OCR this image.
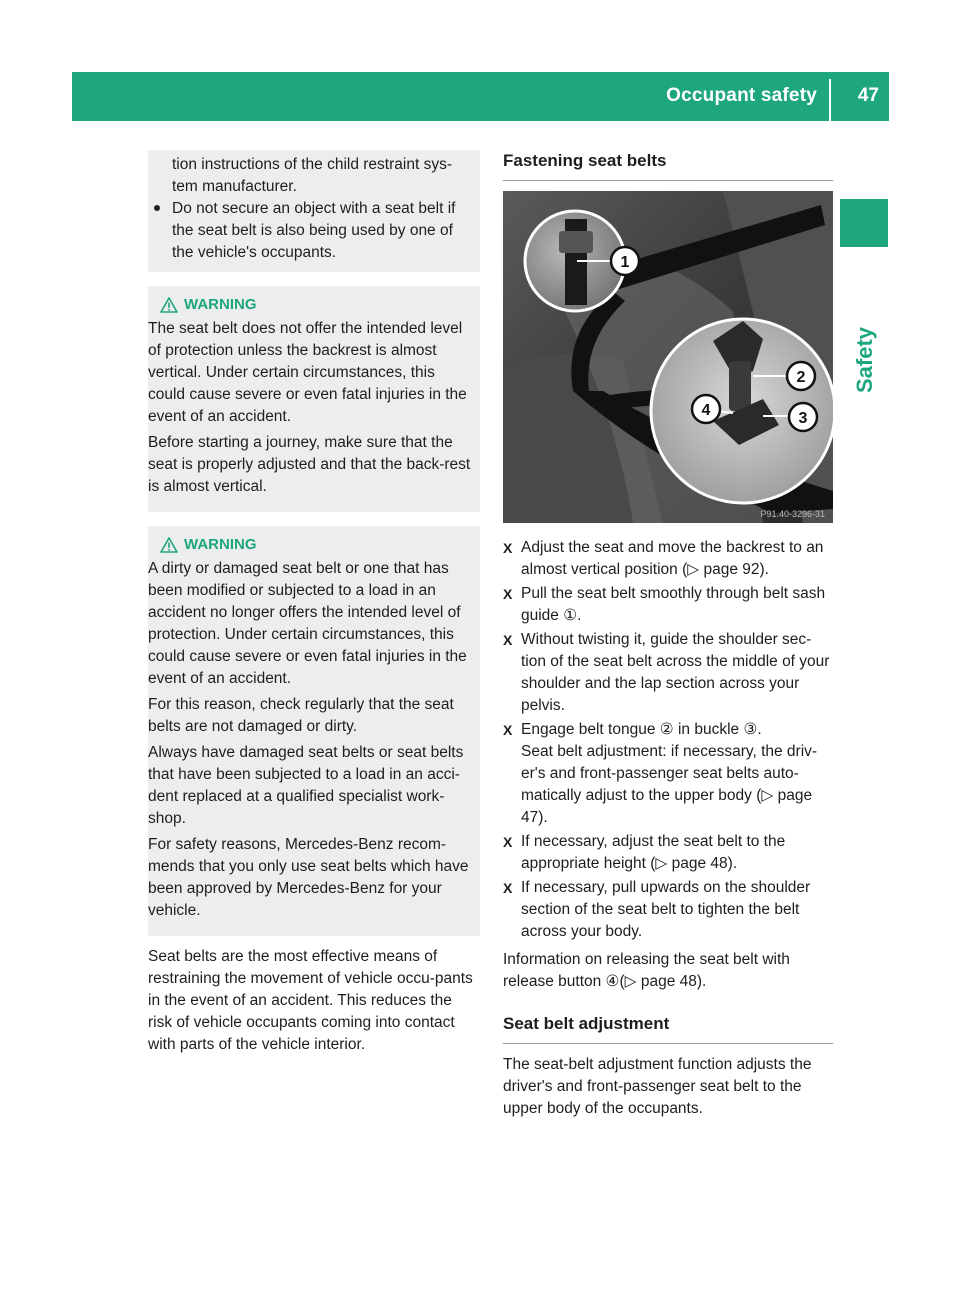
Occupant safety 47
Safety

tion instructions of the child restraint sys-tem manufacturer.

Do not secure an object with a seat belt if the seat belt is also being used by one of the vehicle's occupants.

WARNING

The seat belt does not offer the intended level of protection unless the backrest is almost vertical. Under certain circumstances, this could cause severe or even fatal injuries in the event of an accident.

Before starting a journey, make sure that the seat is properly adjusted and that the back-rest is almost vertical.

WARNING

A dirty or damaged seat belt or one that has been modified or subjected to a load in an accident no longer offers the intended level of protection. Under certain circumstances, this could cause severe or even fatal injuries in the event of an accident.

For this reason, check regularly that the seat belts are not damaged or dirty.

Always have damaged seat belts or seat belts that have been subjected to a load in an acci-dent replaced at a qualified specialist work-shop.

For safety reasons, Mercedes-Benz recom-mends that you only use seat belts which have been approved by Mercedes-Benz for your vehicle.

Seat belts are the most effective means of restraining the movement of vehicle occu-pants in the event of an accident. This reduces the risk of vehicle occupants coming into contact with parts of the vehicle interior.

Fastening seat belts
1
2
3
4
P91.40-3296-31
X Adjust the seat and move the backrest to an almost vertical position (▷ page 92).
X Pull the seat belt smoothly through belt sash guide ①.
X Without twisting it, guide the shoulder sec-tion of the seat belt across the middle of your shoulder and the lap section across your pelvis.
X Engage belt tongue ② in buckle ③.
Seat belt adjustment: if necessary, the driv-er's and front-passenger seat belts auto-matically adjust to the upper body (▷ page 47).
X If necessary, adjust the seat belt to the appropriate height (▷ page 48).
X If necessary, pull upwards on the shoulder section of the seat belt to tighten the belt across your body.

Information on releasing the seat belt with release button ④(▷ page 48).

Seat belt adjustment

The seat-belt adjustment function adjusts the driver's and front-passenger seat belt to the upper body of the occupants.
